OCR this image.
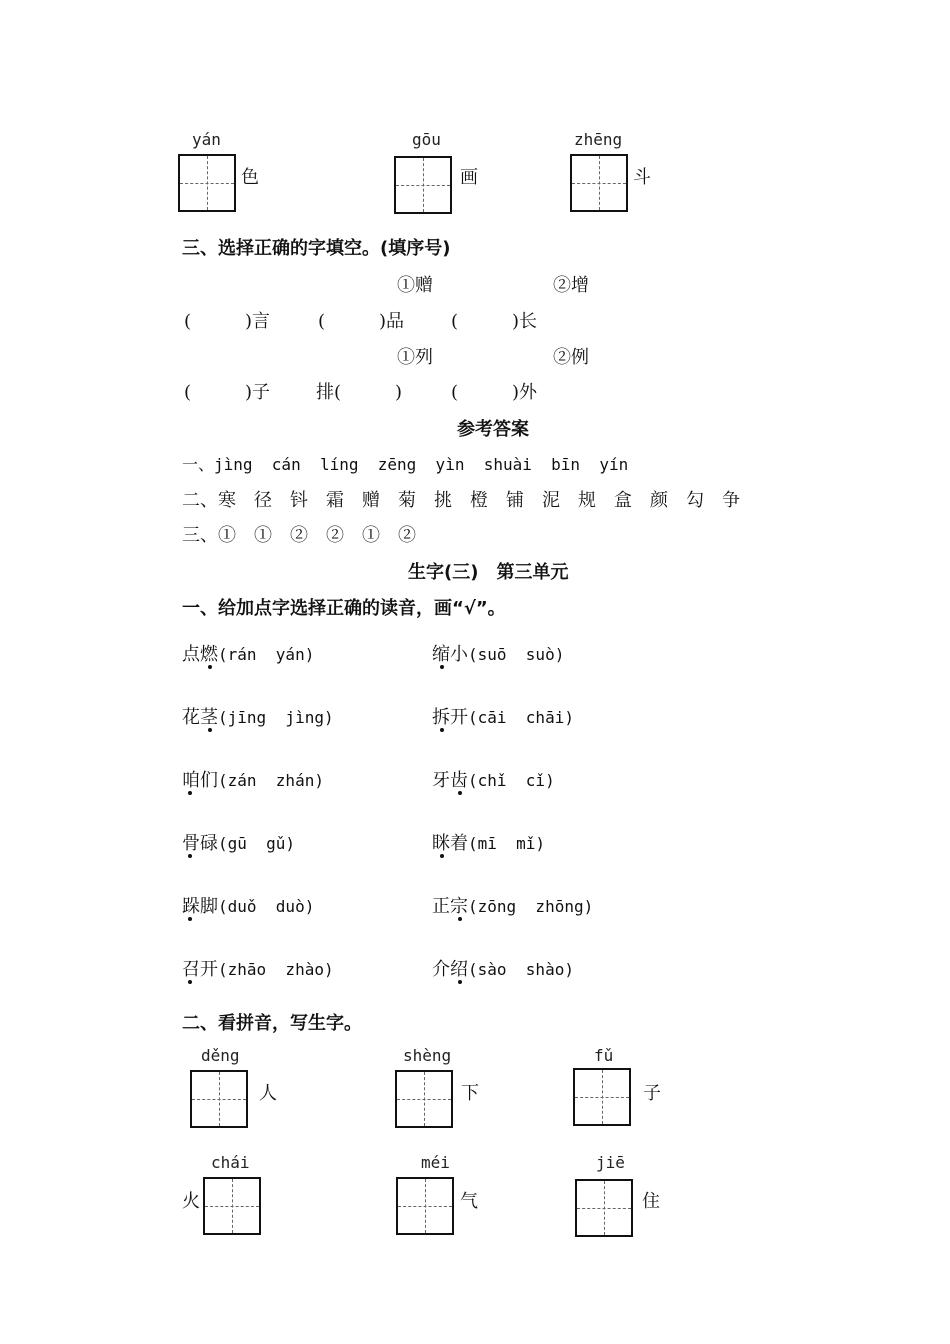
yán
色
gōu
画
zhēng
斗
三、选择正确的字填空。(填序号)
①赠	②增
(　　　)言	(　　　)品	(　　　)长
①列	②例
(　　　)子	排(　　　)	(　　　)外
参考答案
一、jìng  cán  líng  zēng  yìn  shuài  bīn  yín
二、寒　径　钭　霜　赠　菊　挑　橙　铺　泥　规　盒　颜　勾　争
三、①　①　②　②　①　②
生字(三)　第三单元
一、给加点字选择正确的读音，画“√”。
点燃(rán  yán)	缩小(suō  suò)
花茎(jīng  jìng)	拆开(cāi  chāi)
咱们(zán  zhán)	牙齿(chǐ  cǐ)
骨碌(gū  gǔ)	眯着(mī  mǐ)
跺脚(duǒ  duò)	正宗(zōng  zhōng)
召开(zhāo  zhào)	介绍(sào  shào)
二、看拼音，写生字。
děng
人
shèng
下
fǔ
子
chái
火
méi
气
jiē
住
